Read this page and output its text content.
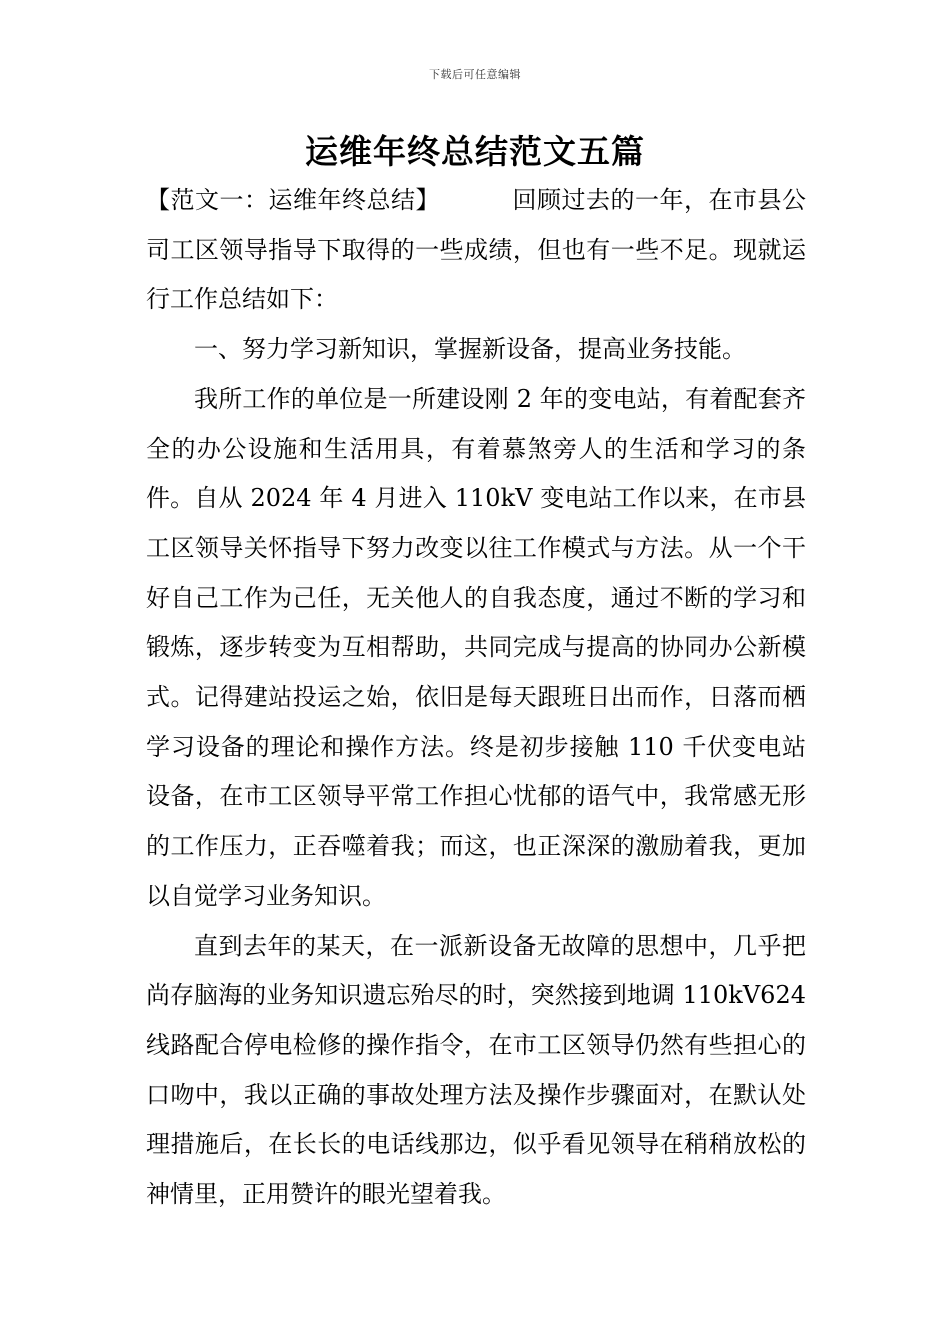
下载后可任意编辑
运维年终总结范文五篇

【范文一：运维年终总结】	回顾过去的一年，在市县公司工区领导指导下取得的一些成绩，但也有一些不足。现就运行工作总结如下：

一、努力学习新知识，掌握新设备，提高业务技能。

我所工作的单位是一所建设刚 2 年的变电站，有着配套齐全的办公设施和生活用具，有着慕煞旁人的生活和学习的条件。自从 2024 年 4 月进入 110kV 变电站工作以来，在市县工区领导关怀指导下努力改变以往工作模式与方法。从一个干好自己工作为己任，无关他人的自我态度，通过不断的学习和锻炼，逐步转变为互相帮助，共同完成与提高的协同办公新模式。记得建站投运之始，依旧是每天跟班日出而作，日落而栖学习设备的理论和操作方法。终是初步接触 110 千伏变电站设备，在市工区领导平常工作担心忧郁的语气中，我常感无形的工作压力，正吞噬着我；而这，也正深深的激励着我，更加以自觉学习业务知识。

直到去年的某天，在一派新设备无故障的思想中，几乎把尚存脑海的业务知识遗忘殆尽的时，突然接到地调 110kV624 线路配合停电检修的操作指令，在市工区领导仍然有些担心的口吻中，我以正确的事故处理方法及操作步骤面对，在默认处理措施后，在长长的电话线那边，似乎看见领导在稍稍放松的神情里，正用赞许的眼光望着我。
